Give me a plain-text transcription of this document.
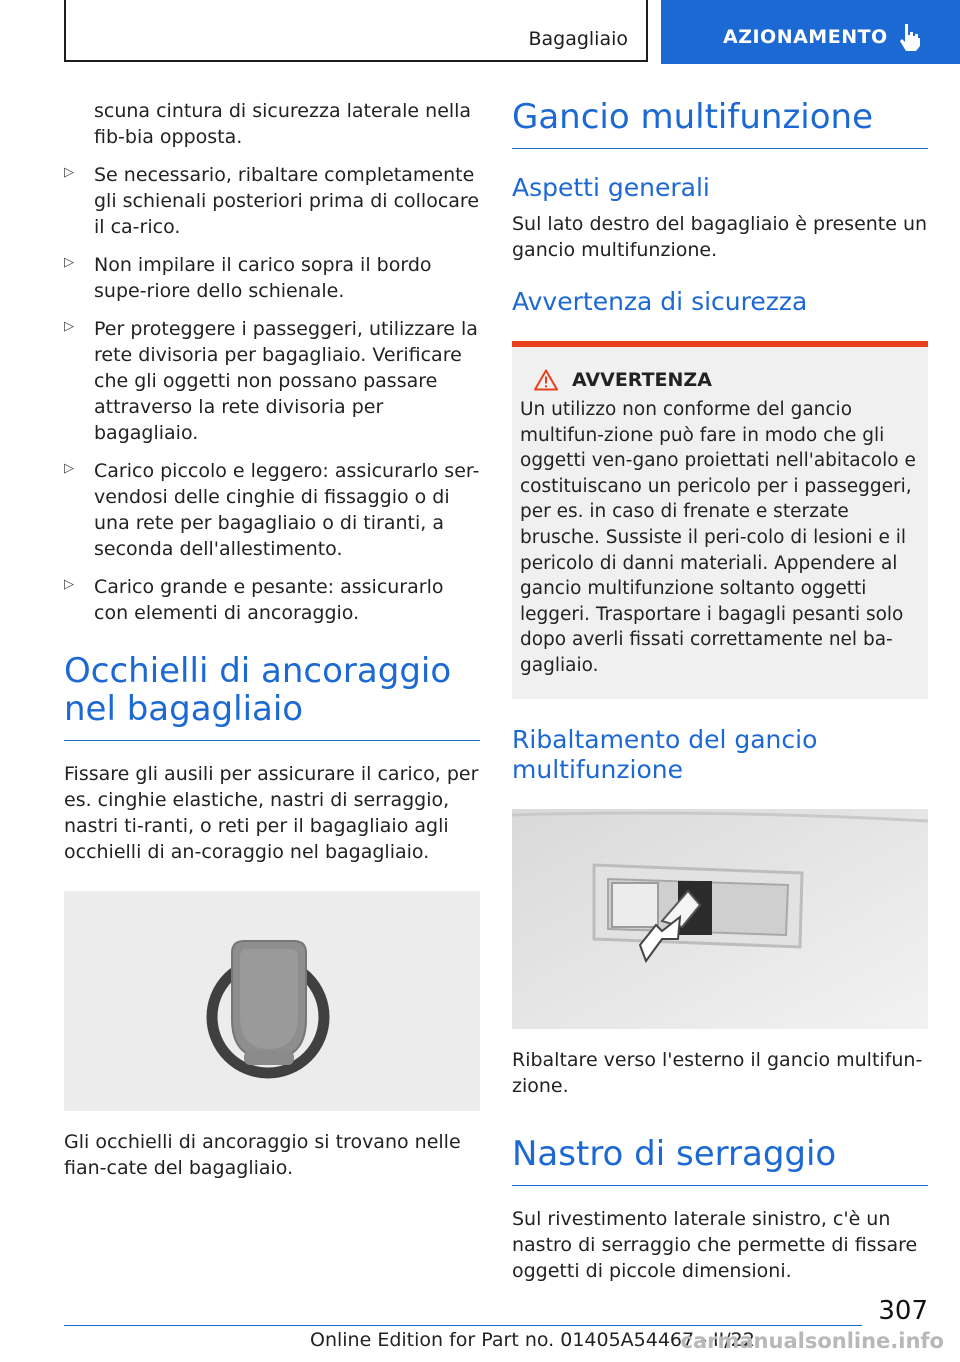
Bagagliaio	AZIONAMENTO

scuna cintura di sicurezza laterale nella fib-bia opposta.

▷ Se necessario, ribaltare completamente gli schienali posteriori prima di collocare il ca-rico.

▷ Non impilare il carico sopra il bordo supe-riore dello schienale.

▷ Per proteggere i passeggeri, utilizzare la rete divisoria per bagagliaio. Verificare che gli oggetti non possano passare attraverso la rete divisoria per bagagliaio.

▷ Carico piccolo e leggero: assicurarlo ser-vendosi delle cinghie di fissaggio o di una rete per bagagliaio o di tiranti, a seconda dell'allestimento.

▷ Carico grande e pesante: assicurarlo con elementi di ancoraggio.

Occhielli di ancoraggio nel bagagliaio

Fissare gli ausili per assicurare il carico, per es. cinghie elastiche, nastri di serraggio, nastri ti-ranti, o reti per il bagagliaio agli occhielli di an-coraggio nel bagagliaio.

Gli occhielli di ancoraggio si trovano nelle fian-cate del bagagliaio.

Gancio multifunzione
Aspetti generali

Sul lato destro del bagagliaio è presente un gancio multifunzione.

Avvertenza di sicurezza
AVVERTENZA

Un utilizzo non conforme del gancio multifun-zione può fare in modo che gli oggetti ven-gano proiettati nell'abitacolo e costituiscano un pericolo per i passeggeri, per es. in caso di frenate e sterzate brusche. Sussiste il peri-colo di lesioni e il pericolo di danni materiali. Appendere al gancio multifunzione soltanto oggetti leggeri. Trasportare i bagagli pesanti solo dopo averli fissati correttamente nel ba-gagliaio.

Ribaltamento del gancio multifunzione

Ribaltare verso l'esterno il gancio multifun-zione.

Nastro di serraggio

Sul rivestimento laterale sinistro, c'è un nastro di serraggio che permette di fissare oggetti di piccole dimensioni.

307
Online Edition for Part no. 01405A54467 - II/22
carmanualsonline.info
